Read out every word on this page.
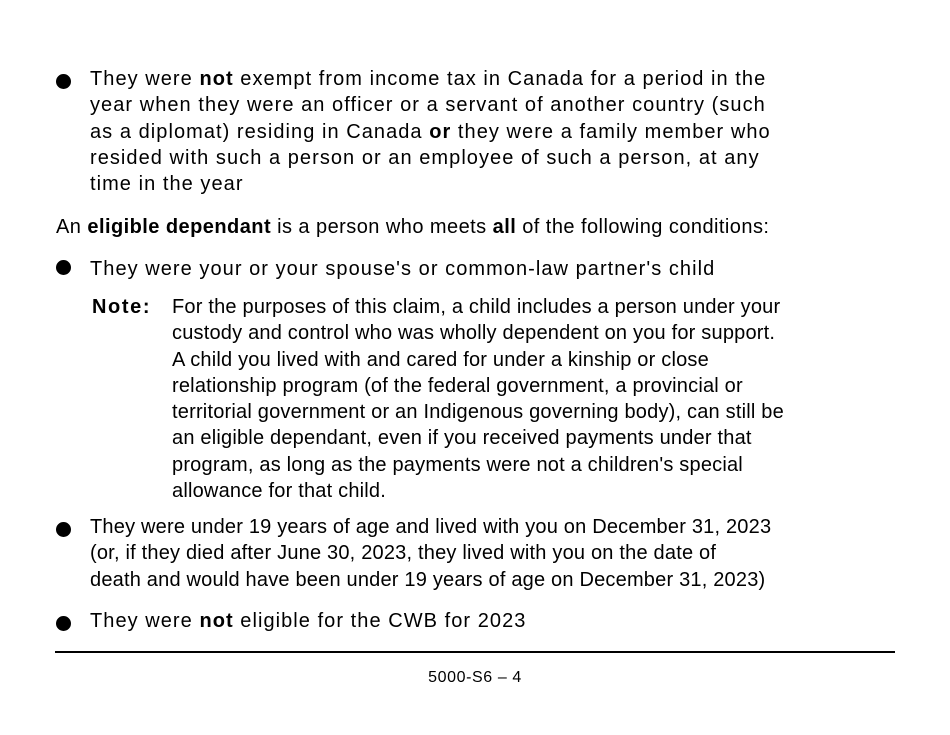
They were not exempt from income tax in Canada for a period in the
year when they were an officer or a servant of another country (such
as a diplomat) residing in Canada or they were a family member who
resided with such a person or an employee of such a person, at any
time in the year
An eligible dependant is a person who meets all of the following conditions:
They were your or your spouse's or common-law partner's child
Note: For the purposes of this claim, a child includes a person under your
custody and control who was wholly dependent on you for support.
A child you lived with and cared for under a kinship or close
relationship program (of the federal government, a provincial or
territorial government or an Indigenous governing body), can still be
an eligible dependant, even if you received payments under that
program, as long as the payments were not a children's special
allowance for that child.
They were under 19 years of age and lived with you on December 31, 2023
(or, if they died after June 30, 2023, they lived with you on the date of
death and would have been under 19 years of age on December 31, 2023)
They were not eligible for the CWB for 2023
5000-S6 – 4
